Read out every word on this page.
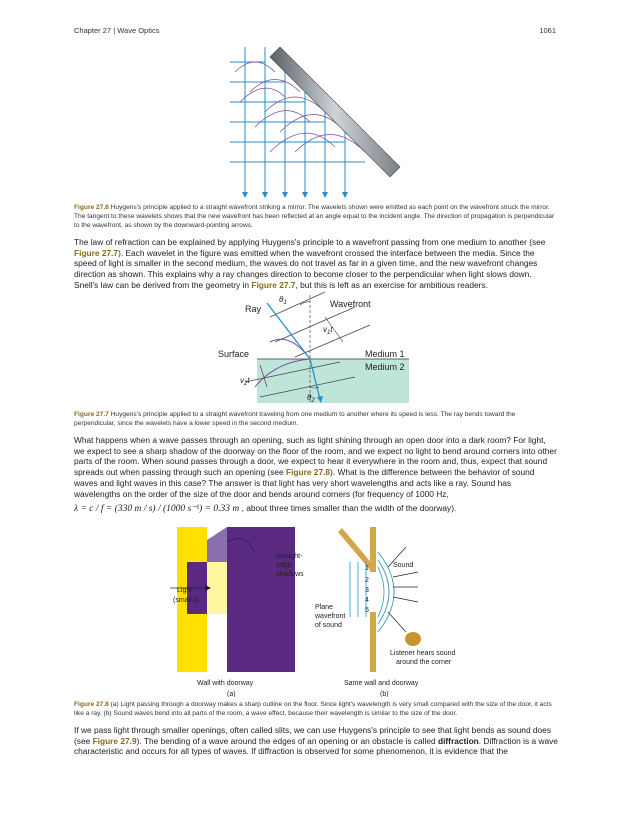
Chapter 27 | Wave Optics	1061
Figure 27.6 Huygens's principle applied to a straight wavefront striking a mirror. The wavelets shown were emitted as each point on the wavefront struck the mirror. The tangent to these wavelets shows that the new wavefront has been reflected at an angle equal to the incident angle. The direction of propagation is perpendicular to the wavefront, as shown by the downward-pointing arrows.
The law of refraction can be explained by applying Huygens's principle to a wavefront passing from one medium to another (see Figure 27.7). Each wavelet in the figure was emitted when the wavefront crossed the interface between the media. Since the speed of light is smaller in the second medium, the waves do not travel as far in a given time, and the new wavefront changes direction as shown. This explains why a ray changes direction to become closer to the perpendicular when light slows down. Snell's law can be derived from the geometry in Figure 27.7, but this is left as an exercise for ambitious readers.
Ray	Wavefront
Surface	Medium 1
Medium 2
$\theta_1$
$\theta_2$
$v_1t$
$v_2t$
Figure 27.7 Huygens's principle applied to a straight wavefront traveling from one medium to another where its speed is less. The ray bends toward the perpendicular, since the wavelets have a lower speed in the second medium.
What happens when a wave passes through an opening, such as light shining through an open door into a dark room? For light, we expect to see a sharp shadow of the doorway on the floor of the room, and we expect no light to bend around corners into other parts of the room. When sound passes through a door, we expect to hear it everywhere in the room and, thus, expect that sound spreads out when passing through such an opening (see Figure 27.8). What is the difference between the behavior of sound waves and light waves in this case? The answer is that light has very short wavelengths and acts like a ray. Sound has wavelengths on the order of the size of the door and bends around corners (for frequency of 1000 Hz,
λ = c / f = (330 m / s) / (1000 s⁻¹) = 0.33 m , about three times smaller than the width of the doorway).
Straight-
edge
shadows
Light
(small λ)
Wall with doorway
(a)
Sound
1
2
3
4
5
Plane
wavefront
of sound
Listener hears sound
around the corner
Same wall and doorway
(b)
Figure 27.8 (a) Light passing through a doorway makes a sharp outline on the floor. Since light's wavelength is very small compared with the size of the door, it acts like a ray. (b) Sound waves bend into all parts of the room, a wave effect, because their wavelength is similar to the size of the door.
If we pass light through smaller openings, often called slits, we can use Huygens's principle to see that light bends as sound does (see Figure 27.9). The bending of a wave around the edges of an opening or an obstacle is called diffraction. Diffraction is a wave characteristic and occurs for all types of waves. If diffraction is observed for some phenomenon, it is evidence that the
